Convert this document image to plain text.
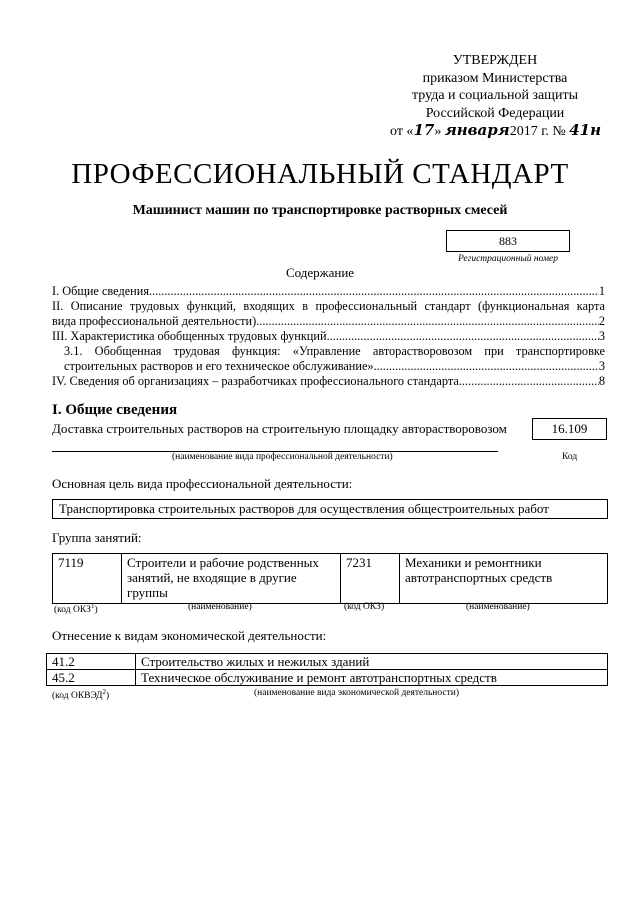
УТВЕРЖДЕН
приказом Министерства
труда и социальной защиты
Российской Федерации
от «17» января2017 г. № 41н
ПРОФЕССИОНАЛЬНЫЙ СТАНДАРТ
Машинист машин по транспортировке растворных смесей
883
Регистрационный номер
Содержание
I. Общие сведения .....	1
II. Описание трудовых функций, входящих в профессиональный стандарт (функциональная карта
вида профессиональной деятельности) .....	2
III. Характеристика обобщенных трудовых функций .....	3
3.1. Обобщенная трудовая функция: «Управление авторастворовозом при транспортировке
строительных растворов и его техническое обслуживание» .....	3
IV. Сведения об организациях – разработчиках профессионального стандарта .....	8
I. Общие сведения
Доставка строительных растворов на строительную площадку авторастворовозом
(наименование вида профессиональной деятельности)
16.109
Код
Основная цель вида профессиональной деятельности:
Транспортировка строительных растворов для осуществления общестроительных работ
Группа занятий:
7119	Строители и рабочие родственных занятий, не входящие в другие группы	7231	Механики и ремонтники автотранспортных средств
(код ОКЗ$^1$)	(наименование)	(код ОКЗ)	(наименование)
Отнесение к видам экономической деятельности:
41.2	Строительство жилых и нежилых зданий
45.2	Техническое обслуживание и ремонт автотранспортных средств
(код ОКВЭД$^2$)	(наименование вида экономической деятельности)
